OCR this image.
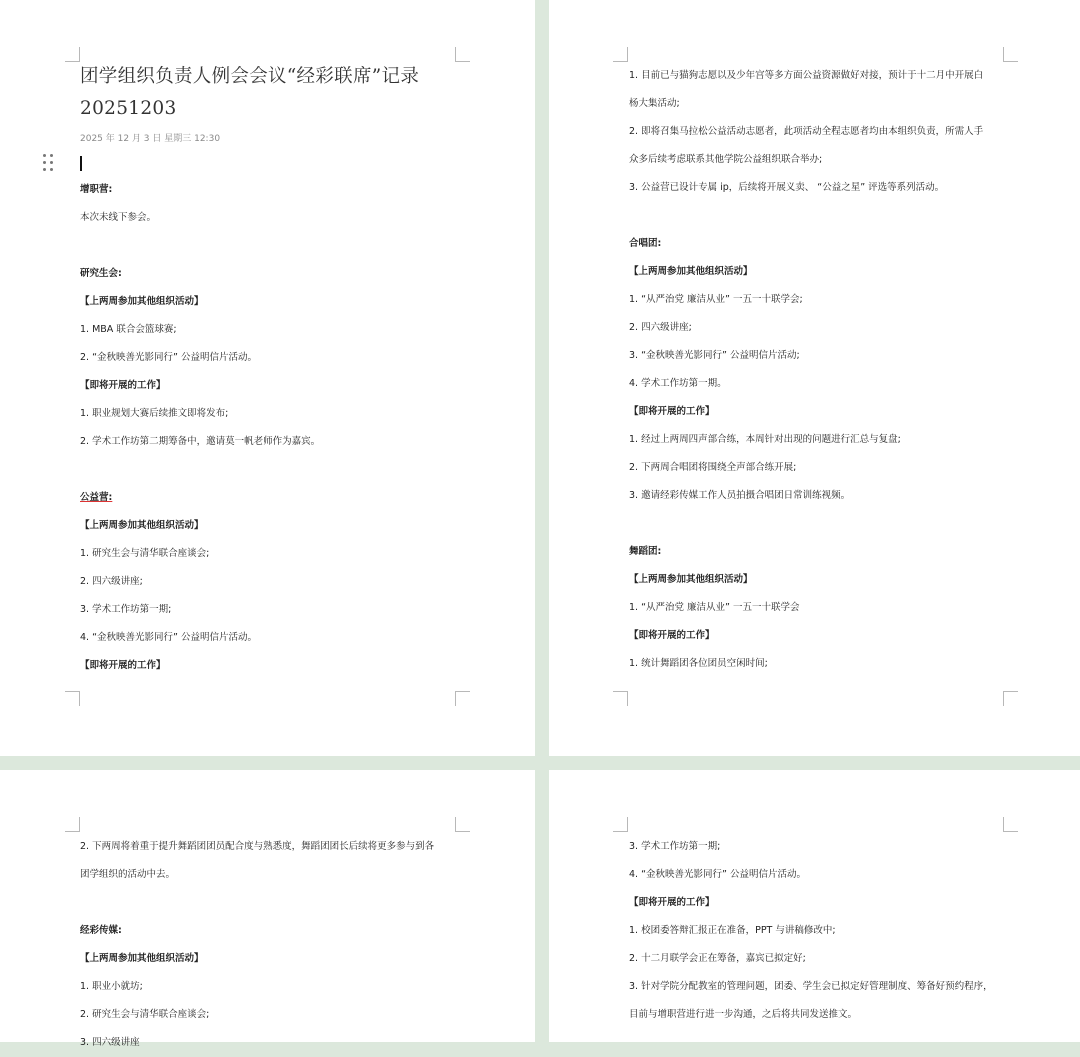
团学组织负责人例会会议“经彩联席”记录
20251203
2025 年 12 月 3 日 星期三 12:30
增职营:
本次未线下参会。
研究生会:
【上两周参加其他组织活动】
1. MBA 联合会篮球赛;
2. “金秋映善光影同行” 公益明信片活动。
【即将开展的工作】
1. 职业规划大赛后续推文即将发布;
2. 学术工作坊第二期筹备中，邀请莫一帆老师作为嘉宾。
公益营:
【上两周参加其他组织活动】
1. 研究生会与清华联合座谈会;
2. 四六级讲座;
3. 学术工作坊第一期;
4. “金秋映善光影同行” 公益明信片活动。
【即将开展的工作】
1. 目前已与猫狗志愿以及少年宫等多方面公益资源做好对接，预计于十二月中开展白
杨大集活动;
2. 即将召集马拉松公益活动志愿者，此项活动全程志愿者均由本组织负责，所需人手
众多后续考虑联系其他学院公益组织联合举办;
3. 公益营已设计专属 ip，后续将开展义卖、 “公益之星” 评选等系列活动。
合唱团:
【上两周参加其他组织活动】
1. “从严治党 廉洁从业” 一五一十联学会;
2. 四六级讲座;
3. “金秋映善光影同行” 公益明信片活动;
4. 学术工作坊第一期。
【即将开展的工作】
1. 经过上两周四声部合练，本周针对出现的问题进行汇总与复盘;
2. 下两周合唱团将围绕全声部合练开展;
3. 邀请经彩传媒工作人员拍摄合唱团日常训练视频。
舞蹈团:
【上两周参加其他组织活动】
1. “从严治党 廉洁从业” 一五一十联学会
【即将开展的工作】
1. 统计舞蹈团各位团员空闲时间;
2. 下两周将着重于提升舞蹈团团员配合度与熟悉度，舞蹈团团长后续将更多参与到各
团学组织的活动中去。
经彩传媒:
【上两周参加其他组织活动】
1. 职业小就坊;
2. 研究生会与清华联合座谈会;
3. 四六级讲座
3. 学术工作坊第一期;
4. “金秋映善光影同行” 公益明信片活动。
【即将开展的工作】
1. 校团委答辩汇报正在准备，PPT 与讲稿修改中;
2. 十二月联学会正在筹备，嘉宾已拟定好;
3. 针对学院分配教室的管理问题，团委、学生会已拟定好管理制度、筹备好预约程序，
目前与增职营进行进一步沟通，之后将共同发送推文。
